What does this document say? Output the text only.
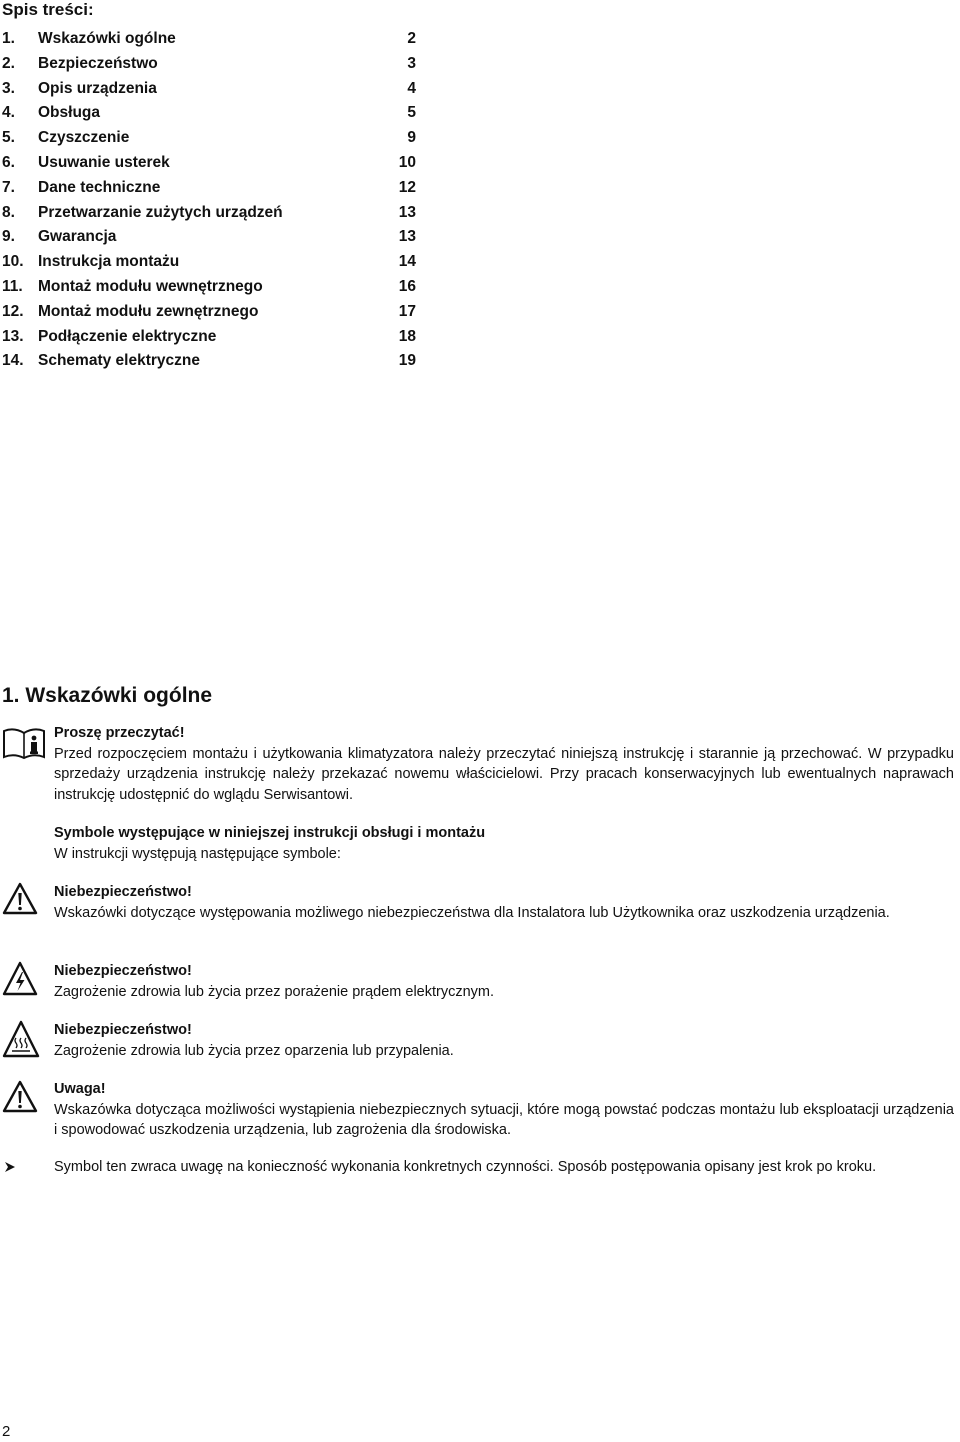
Spis treści:
1. Wskazówki ogólne	2
2. Bezpieczeństwo	3
3. Opis urządzenia	4
4. Obsługa	5
5. Czyszczenie	9
6. Usuwanie usterek	10
7. Dane techniczne	12
8. Przetwarzanie zużytych urządzeń	13
9. Gwarancja	13
10. Instrukcja montażu	14
11. Montaż modułu wewnętrznego	16
12. Montaż modułu zewnętrznego	17
13. Podłączenie elektryczne	18
14. Schematy elektryczne	19
1. Wskazówki ogólne
Proszę przeczytać!
Przed rozpoczęciem montażu i użytkowania klimatyzatora należy przeczytać niniejszą instrukcję i starannie ją przechować. W przypadku sprzedaży urządzenia instrukcję należy przekazać nowemu właścicielowi. Przy pracach konserwacyjnych lub ewentualnych naprawach instrukcję udostępnić do wglądu Serwisantowi.
Symbole występujące w niniejszej instrukcji obsługi i montażu
W instrukcji występują następujące symbole:
Niebezpieczeństwo!
Wskazówki dotyczące występowania możliwego niebezpieczeństwa dla Instalatora lub Użytkownika oraz uszkodzenia urządzenia.
Niebezpieczeństwo!
Zagrożenie zdrowia lub życia przez porażenie prądem elektrycznym.
Niebezpieczeństwo!
Zagrożenie zdrowia lub życia przez oparzenia lub przypalenia.
Uwaga!
Wskazówka dotycząca możliwości wystąpienia niebezpiecznych sytuacji, które mogą powstać podczas montażu lub eksploatacji urządzenia i spowodować uszkodzenia urządzenia, lub zagrożenia dla środowiska.
Symbol ten zwraca uwagę na konieczność wykonania konkretnych czynności. Sposób postępowania opisany jest krok po kroku.
2
